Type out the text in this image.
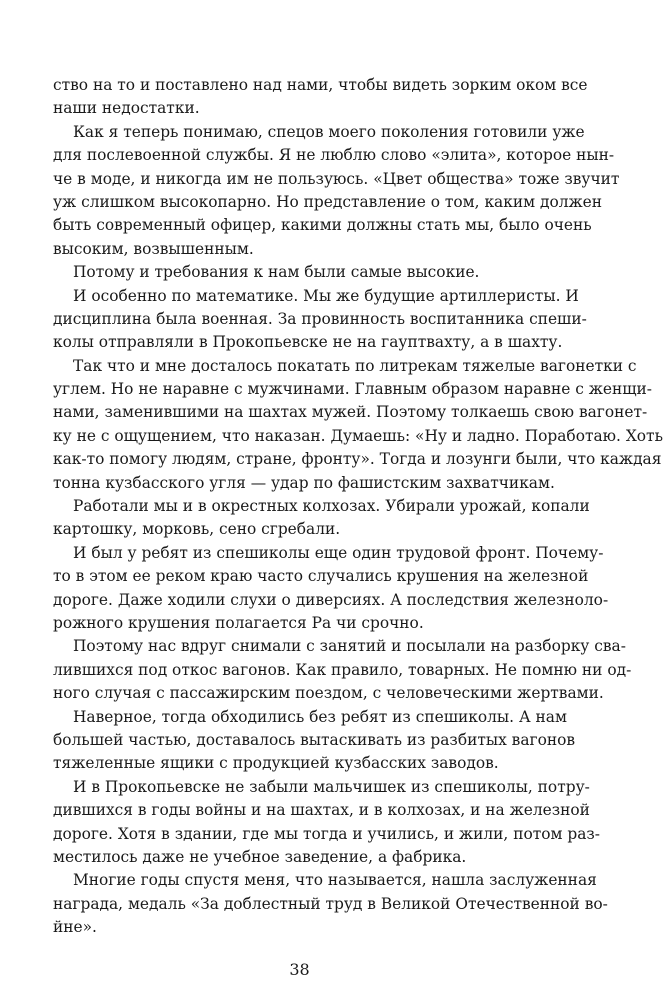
ство на то и поставлено над нами, чтобы видеть зорким оком все
наши недостатки.
Как я теперь понимаю, спецов моего поколения готовили уже
для послевоенной службы. Я не люблю слово «элита», которое нын-
че в моде, и никогда им не пользуюсь. «Цвет общества» тоже звучит
уж слишком высокопарно. Но представление о том, каким должен
быть современный офицер, какими должны стать мы, было очень
высоким, возвышенным.
Потому и требования к нам были самые высокие.
И особенно по математике. Мы же будущие артиллеристы. И
дисциплина была военная. За провинность воспитанника спеши-
колы отправляли в Прокопьевске не на гауптвахту, а в шахту.
Так что и мне досталось покатать по литрекам тяжелые вагонетки с
углем. Но не наравне с мужчинами. Главным образом наравне с женщи-
нами, заменившими на шахтах мужей. Поэтому толкаешь свою вагонет-
ку не с ощущением, что наказан. Думаешь: «Ну и ладно. Поработаю. Хоть
как-то помогу людям, стране, фронту». Тогда и лозунги были, что каждая
тонна кузбасского угля — удар по фашистским захватчикам.
Работали мы и в окрестных колхозах. Убирали урожай, копали
картошку, морковь, сено сгребали.
И был у ребят из спешиколы еще один трудовой фронт. Почему-
то в этом ее реком краю часто случались крушения на железной
дороге. Даже ходили слухи о диверсиях. А последствия железноло-
рожного крушения полагается Ра чи срочно.
Поэтому нас вдруг снимали с занятий и посылали на разборку сва-
лившихся под откос вагонов. Как правило, товарных. Не помню ни од-
ного случая с пассажирским поездом, с человеческими жертвами.
Наверное, тогда обходились без ребят из спешиколы. А нам
большей частью, доставалось вытаскивать из разбитых вагонов
тяжеленные ящики с продукцией кузбасских заводов.
И в Прокопьевске не забыли мальчишек из спешиколы, потру-
дившихся в годы войны и на шахтах, и в колхозах, и на железной
дороге. Хотя в здании, где мы тогда и учились, и жили, потом раз-
местилось даже не учебное заведение, а фабрика.
Многие годы спустя меня, что называется, нашла заслуженная
награда, медаль «За доблестный труд в Великой Отечественной во-
йне».
38
